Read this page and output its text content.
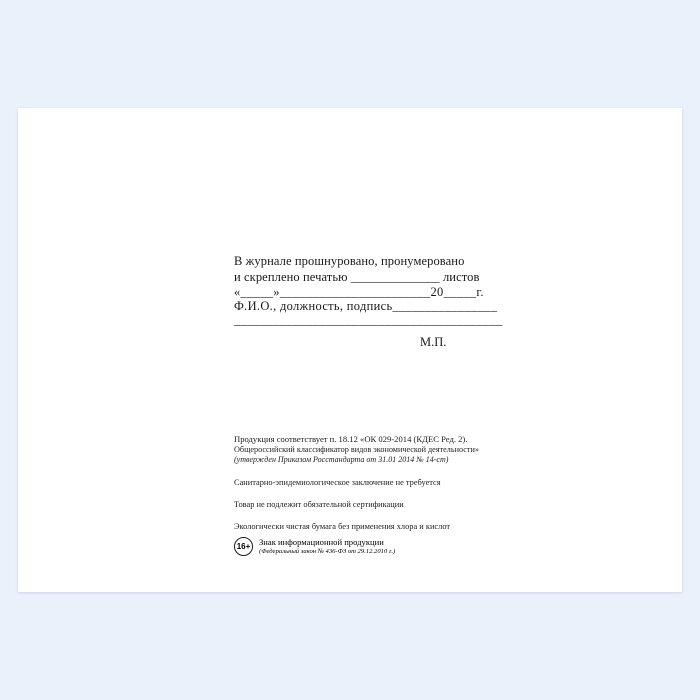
В журнале прошнуровано, пронумеровано
и скреплено печатью ______________ листов
«_____»_______________________20_____г.
Ф.И.О., должность, подпись________________
_________________________________________
М.П.
Продукция соответствует п. 18.12 «ОК 029-2014 (КДЕС Ред. 2).
Общероссийский классификатор видов экономической деятельности»
(утвержден Приказом Росстандарта от 31.01 2014 № 14-ст)
Санитарно-эпидемиологическое заключение не требуется
Товар не подлежит обязательной сертификации
Экологически чистая бумага без применения хлора и кислот
16+	Знак информационной продукции
(Федеральный закон № 436-ФЗ от 29.12.2010 г.)
